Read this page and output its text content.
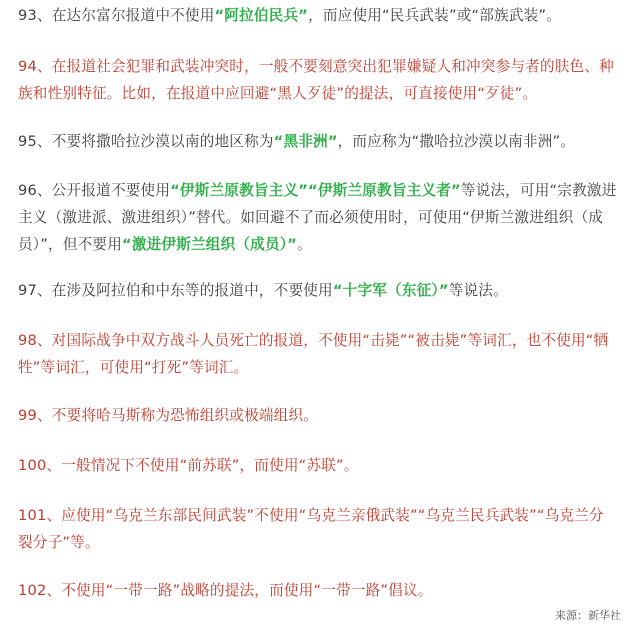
93、在达尔富尔报道中不使用“阿拉伯民兵”，而应使用“民兵武装”或“部族武装”。

94、在报道社会犯罪和武装冲突时，一般不要刻意突出犯罪嫌疑人和冲突参与者的肤色、种族和性别特征。比如，在报道中应回避“黑人歹徒”的提法，可直接使用“歹徒”。

95、不要将撒哈拉沙漠以南的地区称为“黑非洲”，而应称为“撒哈拉沙漠以南非洲”。

96、公开报道不要使用“伊斯兰原教旨主义”“伊斯兰原教旨主义者”等说法，可用“宗教激进主义（激进派、激进组织）”替代。如回避不了而必须使用时，可使用“伊斯兰激进组织（成员）”，但不要用“激进伊斯兰组织（成员）”。

97、在涉及阿拉伯和中东等的报道中，不要使用“十字军（东征）”等说法。

98、对国际战争中双方战斗人员死亡的报道，不使用“击毙”“被击毙”等词汇，也不使用“牺牲”等词汇，可使用“打死”等词汇。

99、不要将哈马斯称为恐怖组织或极端组织。

100、一般情况下不使用“前苏联”，而使用“苏联”。

101、应使用“乌克兰东部民间武装”不使用“乌克兰亲俄武装”“乌克兰民兵武装”“乌克兰分裂分子”等。

102、不使用“一带一路”战略的提法，而使用“一带一路”倡议。

来源：新华社
